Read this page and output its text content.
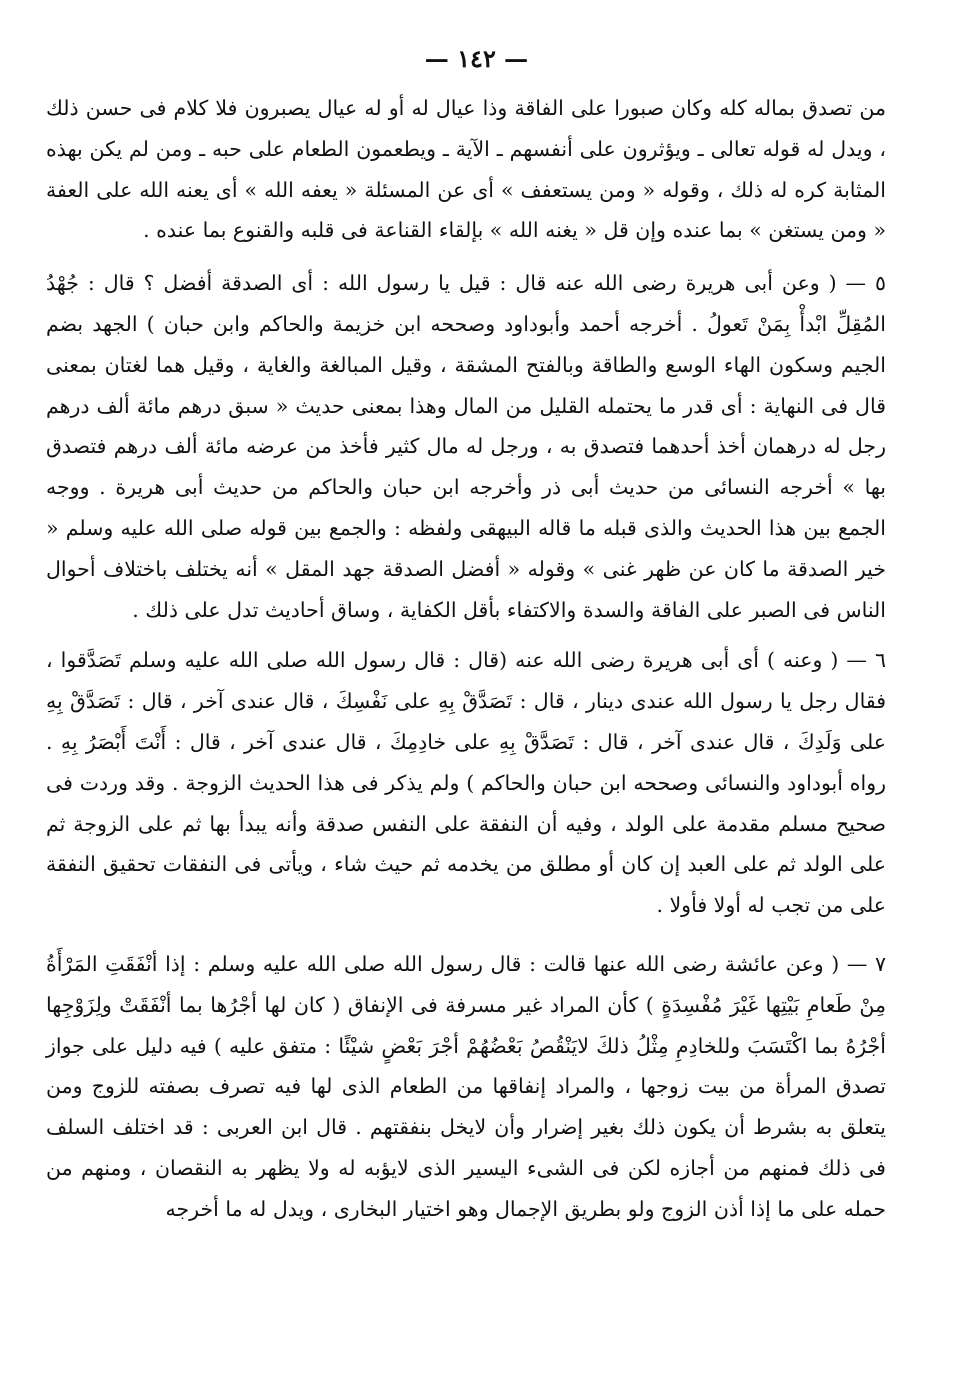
— ١٤٢ —

من تصدق بماله كله وكان صبورا على الفاقة وذا عيال له أو له عيال يصبرون فلا كلام فى حسن ذلك ، ويدل له قوله تعالى ـ ويؤثرون على أنفسهم ـ الآية ـ ويطعمون الطعام على حبه ـ ومن لم يكن بهذه المثابة كره له ذلك ، وقوله « ومن يستعفف » أى عن المسئلة « يعفه الله » أى يعنه الله على العفة « ومن يستغن » بما عنده وإن قل « يغنه الله » بإلقاء القناعة فى قلبه والقنوع بما عنده .

٥ — ( وعن أبى هريرة رضى الله عنه قال : قيل يا رسول الله : أى الصدقة أفضل ؟ قال : جُهْدُ المُقِلِّ ابْدأْ بِمَنْ تَعولُ . أخرجه أحمد وأبوداود وصححه ابن خزيمة والحاكم وابن حبان ) الجهد بضم الجيم وسكون الهاء الوسع والطاقة وبالفتح المشقة ، وقيل المبالغة والغاية ، وقيل هما لغتان بمعنى قال فى النهاية : أى قدر ما يحتمله القليل من المال وهذا بمعنى حديث « سبق درهم مائة ألف درهم رجل له درهمان أخذ أحدهما فتصدق به ، ورجل له مال كثير فأخذ من عرضه مائة ألف درهم فتصدق بها » أخرجه النسائى من حديث أبى ذر وأخرجه ابن حبان والحاكم من حديث أبى هريرة . ووجه الجمع بين هذا الحديث والذى قبله ما قاله البيهقى ولفظه : والجمع بين قوله صلى الله عليه وسلم « خير الصدقة ما كان عن ظهر غنى » وقوله « أفضل الصدقة جهد المقل » أنه يختلف باختلاف أحوال الناس فى الصبر على الفاقة والسدة والاكتفاء بأقل الكفاية ، وساق أحاديث تدل على ذلك .

٦ — ( وعنه ) أى أبى هريرة رضى الله عنه (قال : قال رسول الله صلى الله عليه وسلم تَصَدَّقوا ، فقال رجل يا رسول الله عندى دينار ، قال : تَصَدَّقْ بِهِ على نَفْسِكَ ، قال عندى آخر ، قال : تَصَدَّقْ بِهِ على وَلَدِكَ ، قال عندى آخر ، قال : تَصَدَّقْ بِهِ على خادِمِكَ ، قال عندى آخر ، قال : أَنْتَ أَبْصَرُ بِهِ . رواه أبوداود والنسائى وصححه ابن حبان والحاكم ) ولم يذكر فى هذا الحديث الزوجة . وقد وردت فى صحيح مسلم مقدمة على الولد ، وفيه أن النفقة على النفس صدقة وأنه يبدأ بها ثم على الزوجة ثم على الولد ثم على العبد إن كان أو مطلق من يخدمه ثم حيث شاء ، ويأتى فى النفقات تحقيق النفقة على من تجب له أولا فأولا .

٧ — ( وعن عائشة رضى الله عنها قالت : قال رسول الله صلى الله عليه وسلم : إذا أنْفَقَتِ المَرْأَةُ مِنْ طَعامِ بَيْتِها غَيْرَ مُفْسِدَةٍ ) كأن المراد غير مسرفة فى الإنفاق ( كان لها أجْرُها بما أنْفَقَتْ ولِزَوْجِها أجْرُهُ بما اكْتَسَبَ وللخادِمِ مِثْلُ ذلكَ لايَنْقُصُ بَعْضُهُمْ أجْرَ بَعْضٍ شيْئًا : متفق عليه ) فيه دليل على جواز تصدق المرأة من بيت زوجها ، والمراد إنفاقها من الطعام الذى لها فيه تصرف بصفته للزوج ومن يتعلق به بشرط أن يكون ذلك بغير إضرار وأن لايخل بنفقتهم . قال ابن العربى : قد اختلف السلف فى ذلك فمنهم من أجازه لكن فى الشىء اليسير الذى لايؤبه له ولا يظهر به النقصان ، ومنهم من حمله على ما إذا أذن الزوج ولو بطريق الإجمال وهو اختيار البخارى ، ويدل له ما أخرجه
